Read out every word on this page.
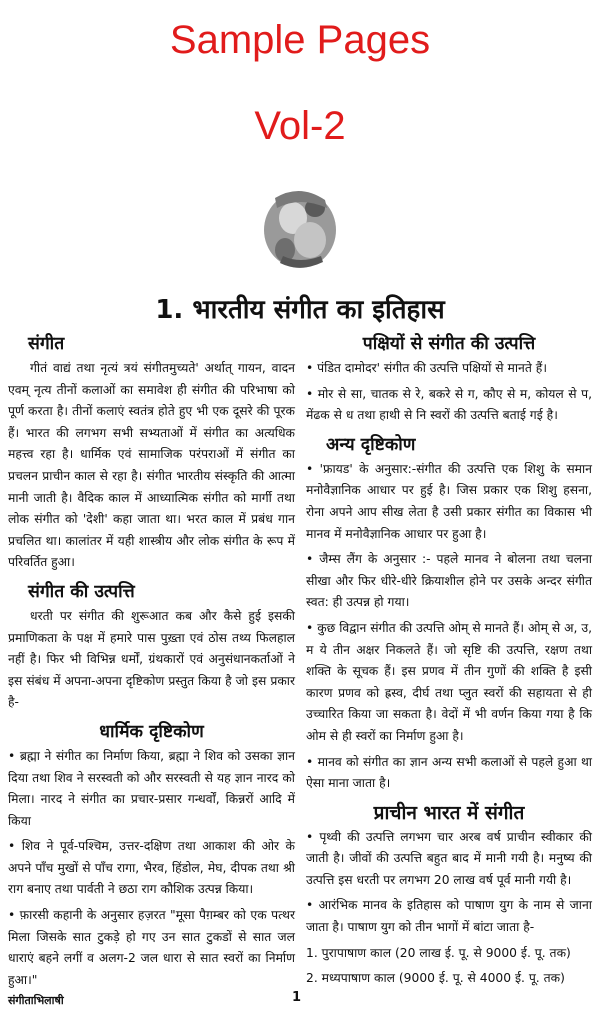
Sample Pages
Vol-2
1. भारतीय संगीत का इतिहास
संगीत

गीतं वाद्यं तथा नृत्यं त्रयं संगीतमुच्यते' अर्थात् गायन, वादन एवम् नृत्य तीनों कलाओं का समावेश ही संगीत की परिभाषा को पूर्ण करता है। तीनों कलाएं स्वतंत्र होते हुए भी एक दूसरे की पूरक हैं। भारत की लगभग सभी सभ्यताओं में संगीत का अत्यधिक महत्त्व रहा है। धार्मिक एवं सामाजिक परंपराओं में संगीत का प्रचलन प्राचीन काल से रहा है। संगीत भारतीय संस्कृति की आत्मा मानी जाती है। वैदिक काल में आध्यात्मिक संगीत को मार्गी तथा लोक संगीत को 'देशी' कहा जाता था। भरत काल में प्रबंध गान प्रचलित था। कालांतर में यही शास्त्रीय और लोक संगीत के रूप में परिवर्तित हुआ।

संगीत की उत्पत्ति

धरती पर संगीत की शुरूआत कब और कैसे हुई इसकी प्रमाणिकता के पक्ष में हमारे पास पुख़्ता एवं ठोस तथ्य फिलहाल नहीं है। फिर भी विभिन्न धर्मों, ग्रंथकारों एवं अनुसंधानकर्ताओं ने इस संबंध में अपना-अपना दृष्टिकोण प्रस्तुत किया है जो इस प्रकार है-

धार्मिक दृष्टिकोण

• ब्रह्मा ने संगीत का निर्माण किया, ब्रह्मा ने शिव को उसका ज्ञान दिया तथा शिव ने सरस्वती को और सरस्वती से यह ज्ञान नारद को मिला। नारद ने संगीत का प्रचार-प्रसार गन्धर्वों, किन्नरों आदि में किया

• शिव ने पूर्व-पश्चिम, उत्तर-दक्षिण तथा आकाश की ओर के अपने पाँच मुखों से पाँच रागा, भैरव, हिंडोल, मेघ, दीपक तथा श्री राग बनाए तथा पार्वती ने छठा राग कौशिक उत्पन्न किया।

• फ़ारसी कहानी के अनुसार हज़रत "मूसा पैग़म्बर को एक पत्थर मिला जिसके सात टुकड़े हो गए उन सात टुकडों से सात जल धाराएं बहने लगीं व अलग-2 जल धारा से सात स्वरों का निर्माण हुआ।"

पक्षियों से संगीत की उत्पत्ति

• पंडित दामोदर' संगीत की उत्पत्ति पक्षियों से मानते हैं।

• मोर से सा, चातक से रे, बकरे से ग, कौए से म, कोयल से प, मेंढक से ध तथा हाथी से नि स्वरों की उत्पत्ति बताई गई है।

अन्य दृष्टिकोण

• 'फ्रायड' के अनुसार:-संगीत की उत्पत्ति एक शिशु के समान मनोवैज्ञानिक आधार पर हुई है। जिस प्रकार एक शिशु हसना, रोना अपने आप सीख लेता है उसी प्रकार संगीत का विकास भी मानव में मनोवैज्ञानिक आधार पर हुआ है।

• जैम्स लैंग के अनुसार :- पहले मानव ने बोलना तथा चलना सीखा और फिर धीरे-धीरे क्रियाशील होने पर उसके अन्दर संगीत स्वत: ही उत्पन्न हो गया।

• कुछ विद्वान संगीत की उत्पत्ति ओम् से मानते हैं। ओम् से अ, उ, म ये तीन अक्षर निकलते हैं। जो सृष्टि की उत्पत्ति, रक्षण तथा शक्ति के सूचक हैं। इस प्रणव में तीन गुणों की शक्ति है इसी कारण प्रणव को ह्रस्व, दीर्घ तथा प्लुत स्वरों की सहायता से ही उच्चारित किया जा सकता है। वेदों में भी वर्णन किया गया है कि ओम से ही स्वरों का निर्माण हुआ है।

• मानव को संगीत का ज्ञान अन्य सभी कलाओं से पहले हुआ था ऐसा माना जाता है।

प्राचीन भारत में संगीत

• पृथ्वी की उत्पत्ति लगभग चार अरब वर्ष प्राचीन स्वीकार की जाती है। जीवों की उत्पत्ति बहुत बाद में मानी गयी है। मनुष्य की उत्पत्ति इस धरती पर लगभग 20 लाख वर्ष पूर्व मानी गयी है।

• आरंभिक मानव के इतिहास को पाषाण युग के नाम से जाना जाता है। पाषाण युग को तीन भागों में बांटा जाता है-

1. पुरापाषाण काल (20 लाख ई. पू. से 9000 ई. पू. तक)

2. मध्यपाषाण काल (9000 ई. पू. से 4000 ई. पू. तक)

संगीताभिलाषी	1
